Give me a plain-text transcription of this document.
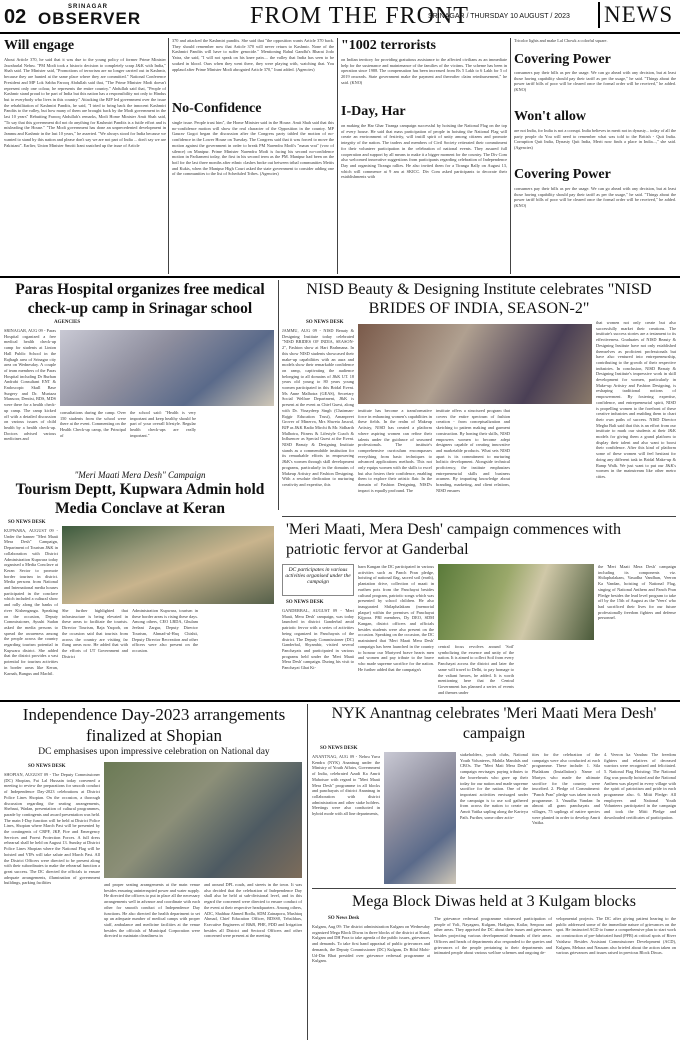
02	SRINAGAR
OBSERVER	FROM THE FRONT
SRINAGAR / THURSDAY 10 AUGUST / 2023 NEWS
Will engage
About Article 370, he said that it was due to the young policy of former Prime Minister Jawaharlal Nehru. "PM Modi took a historic decision to completely scrap J&K with India," Shah said. The Minister said, "Promotions of terrorism are no longer carried out in Kashmir, because they are hunted at the same place where they are committed." National Conference President and MP Lok Sabha Farooq Abdullah said that, "The Prime Minister Modi doesn't represent only one colour, he represents the entire country." Abdullah said that, "People of Kashmir stand proud to be part of India but this nation has a responsibility not only to Hindus but to everybody who lives in this country." Attacking the BJP led government over the issue the rehabilitation of Kashmiri Pandits, he said, "I tried to bring back the innocent Kashmiri Pandits to the valley, but how many of them are brought back by the Modi government in the last 10 years" Rebutting Farooq Abdullah's remarks, Modi Home Minister Amit Shah said, "To say that this government did not do anything for Kashmiri Pandits is a futile effort and is misleading the House." "The Modi government has done an unprecedented development in Jammu and Kashmir in the last 10 years," he asserted. "We always stood for India because we wanted to stand by this nation and please don't say we are not part of India ... don't say we are Pakistani". Earlier, Union Minister Smriti Irani snatched up the issue of Article
370 and attacked the Kashmiri pundits. She said that "the opposition wants Article 370 back. They should remember now that Article 370 will never return to Kashmir. None of the Kashmiri Pandits will have to suffer genocide." Mentioning Rahul Gandhi's Bharat Jodo Yatra, she said, "I will not speak on his knee pain.... the valley that India has seen to be soaked in blood. Ours when they went there, they were playing with, watching that. You applaud after Prime Minister Modi abrogated Article 370," Irani added. (Agencies)
No-Confidence
single issue. People trust him", the Home Minister said in the House. Amit Shah said that this no-confidence motion will show the real character of the Opposition in the country. MP Gaurav Gogoi began the discussion after the Congress party tabled the motion of no-confidence in the Lower House on Tuesday. The Congress said that it was forced to move the motion against the government in order to break PM Narendra Modi's "maun vrat" (vow of silence) on Manipur. Prime Minister Narendra Modi is facing his second no-confidence motion in Parliament today, the first in his second term as the PM. Manipur had been on the boil for the last three months after ethnic clashes broke out between tribal communities Meitis and Kukis, when the Manipur High Court asked the state government to consider adding one of the communities to the list of Scheduled Tribes. (Agencies)
"1002 terrorists
on Indian territory for providing gratuitous assistance to the affected civilians as an immediate help for the sustenance and maintenance of the families of the victims. The scheme has been in operation since 1988. The compensation has been increased from Rs 5 Lakh to 6 Lakh for 5 of 2019 onwards. State government make the payment and thereafter claim reimbursement," he said. (KNO)
I-Day, Har
on making the Har Ghar Tiranga campaign successful by hoisting the National Flag on the top of every house. He said that mass participation of people in hoisting the National Flag will create an environment of festivity, will instill spirit of unity among citizens and promote integrity of the nation. The traders and members of Civil Society reiterated their commitment for their volunteer participation in the celebration of national events. They assured full cooperation and support by all means to make it a bigger moment for the country. The Div Com also welcomed innovative suggestions from participants regarding celebration of Independence Day and organising Tiranga rallies. He also invited them for a Tiranga Rally on August 13, which will commence at 9 am at SKICC. Div Com asked participants to decorate their establishments with
Tricolor lights and make Lal Chowk a colorful square.
Covering Power
consumers pay their bills as per the usage. We can go ahead with any decision, but at least those having capability should pay their tariff as per the usage," he said. "Things about the power tariff bills of poor will be cleared once the formal order will be received," he added. (KNO)
Won't allow
are not India, for India is not a corrupt. India believes in merit not in dynasty... today of all the party people do You will need to remember what was told to the British - Quit India. Corruption Quit India, Dynasty Quit India, Merit now finds a place in India...," she said. (Agencies)
Covering Power
consumers pay their bills as per the usage. We can go ahead with any decision, but at least those having capability should pay their tariff as per the usage," he said. "Things about the power tariff bills of poor will be cleared once the formal order will be received," he added. (KNO)
Paras Hospital organizes free medical check-up camp in Srinagar school
AGENCIES
SRINAGAR, AUG 09 - Paras Hospital organized a free medical health check-up camp for students at Linton Hall Public School in the Rajbagh area of Srinagar city area on Wednesday. A couple of team members of the Paras Hospital including Dr Burhan Andrabi Consultant ENT & Endoscopic Skull Base Surgery and Dr. Murtaza Mansoor, Dentist, BDS, MDS were there for a health check-up camp. The camp kicked off with a detailed discussion on various issues of child health by a health check-up. Doctors advised various medicines and
consultations during the camp. Over 150 students from the school were there at the event. Commenting on the Health Check-up camp, the Principal of
the school said: "Health is very important and keep healthy should be part of your overall lifestyle. Regular health check-ups are really important."
NISD Beauty & Designing Institute celebrates "NISD BRIDES OF INDIA, SEASON-2"
SO NEWS DESK
JAMMU, AUG 09 - NISD Beauty & Designing Institute today celebrated "NISD BRIDES OF INDIA, SEASON-2", Fashion show at Hari Brahmana. In this show NISD students showcased their make-up capabilities with an aura and models show their remarkable confidence on ramp, captivating the audience belonging to all domains of J&K UT. 18 years old young to 80 years young women participated in this Bridal Event. Ms Anne Malhotra (GEAS), Secretary Social Welfare Department, J&K is present at the event as Chief Guest, along with Dr. Vinaydeep Singh (Chairman-Rajgir Education Trust), Amanpreet Grover of Minerva, Mrs Shweta Jaswal, BJP as J&K Radio Mirchi & Mr. Sidharth Malhotra, Fitness & Lifestyle Coach & Influencer as Special Guest at the Event. NISD Beauty & Designing Institute stands as a commendable institution for its remarkable efforts in empowering J&K's women through skill development programs, particularly in the domains of Makeup Artistry and Fashion Designing. With a resolute dedication to nurturing creativity and expertise, this
institute has become a transformative force in enhancing women's capabilities in these fields. In the realm of Makeup Artistry, NISD has created a platform where aspiring women can refine their talents under the guidance of seasoned professionals. The institute's comprehensive curriculum encompasses everything from basic techniques to advanced applications methods. This not only equips women with the skills to excel but also fosters their confidence, enabling them to explore their artistic flair. In the domain of Fashion Designing, NISD's impact is equally profound. The
institute offers a structured program that covers the entire spectrum of fashion creation - from conceptualization and sketching to pattern making and garment construction. By honing their skills, NISD empowers women to become adept designers capable of creating innovative and marketable products. What sets NISD apart is its commitment to nurturing holistic development. Alongside technical proficiency, the institute emphasizes entrepreneurial skills and business acumen. By imparting knowledge about branding, marketing, and client relations, NISD ensures
that women not only create but also successfully market their creations. The institute's success stories are a testament to its effectiveness. Graduates of NISD Beauty & Designing Institute have not only established themselves as proficient professionals but have also ventured into entrepreneurship, contributing to the growth of their respective industries. In conclusion, NISD Beauty & Designing Institute's impressive work in skill development for women, particularly in Make-up Artistry and Fashion Designing, is reshaping traditional notions of empowerment. By fostering expertise, confidence, and entrepreneurial spirit, NISD is propelling women to the forefront of these creative industries and enabling them to chart their own paths of success. NISD Director Megha Bali said that this is an effort from our institute to mark our students at their J&K models for giving them a grand platform to display their talent and also want to boost their confidence. After this kind of platform some of these women will feel hesitant for doing any different task in Bridal Make-up & Ramp Walk. We just want to put our J&K's women in the mainstream like other metro cities.
"Meri Maati Mera Desh" Campaign
Tourism Deptt, Kupwara Admin hold Media Conclave at Keran
SO NEWS DESK
KUPWARA, AUGUST 09 - Under the banner "Meri Maati Mera Desh" Campaign, Department of Tourism J&K in collaboration with District Administration Kupwara today organised a Media Conclave at Keran Sector to promote border tourism in district. Media persons from National and International media houses participated in the conclave which included a cultural show and rally along the banks of river Kishenganga. Speaking on the occasion, Deputy Commissioner, Ayushi Sudan asked the media persons to spread the awareness among the people across the country regarding tourism potential in Kupwara district. She added that the district provides a vast potential for tourism activities in border areas like Keran, Karnah, Bungus and Machil.
She further highlighted that infrastructure is being elevated in these areas to facilitate the tourists. Director Tourism, Raja Yaqoob, on the occasion said that tourists from across the country are visiting far flung areas now. He added that with the efforts of UT Government and District
Administration Kupwara, tourism in these border areas is rising these days. Among others, CEO LBDA, Ghulam Jeelani Zargar, Deputy Director Tourism, Ahmad-ul-Haq Chishti, Deputy Director Recreation and other officers were also present on the occasion.
'Meri Maati, Mera Desh' campaign commences with patriotic fervor at Ganderbal
DC participates in various activities organised under the campaign
SO NEWS DESK
GANDERBAL, AUGUST 09 - 'Meri Maati, Mera Desh' campaign, was today launched in district Ganderbal amid patriotic fervor with a series of activities being organized in Panchayats of the district. The Deputy Commissioner (DC) Ganderbal, Shyambir, visited several Panchayats and participated in various programs held under the 'Meri Maati Mera Desh' campaign. During his visit to Panchayat Ghat Ki-
barn Kangan the DC participated in various activities such as Panch Pran pledge, hoisting of national flag, sacred soil (earth), plantation drive, collection of maati in earthen pots from the Panchayat besides cultural program, patriotic songs which was presented by school children. He also inaugurated Shilaphalakam (memorial plaque) within the premises of Panchayat Kijpora. PRI members, Dy DEO, SDM Kangan, district officers and officials besides students were also present on the occasion. Speaking on the occasion, the DC maintained that 'Meri Maati Mera Desh' campaign has been launched in the country to honour our Martyred brave hearts men and women and pay tribute to the brave who made supreme sacrifice for the nation. He further added that the campaign's
central focus revolves around 'Soil' symbolizing the essence and unity of the nation. It is aimed to collect Soil from every Panchayat across the district and later the same will travel to Delhi, to pay homage to the valiant heroes, he added. It is worth mentioning here that the Central Government has planned a series of events and themes under
the 'Meri Maati Mera Desh' campaign including its components viz. Shilaphalakam, Vasudha Vandhan, Veeron Ka Vandan, hoisting of National Flag, singing of National Anthem and Panch Pran Pledge besides the lead level program to take off by the 15th of August as the 'Veers' who had sacrificed their lives for our future professionally freedom fighters and defense personnel.
Independence Day-2023 arrangements finalized at Shopian
DC emphasises upon impressive celebration on National day
SO NEWS DESK
SHOPIAN, AUGUST 09 - The Deputy Commissioner (DC) Shopian, Fai Lal Hussain today convened a meeting to review the preparations for smooth conduct of Independence Day-2023 celebrations at District Police Lines Shopian. On the occasion, a thorough discussion regarding the seating arrangements, Shehnai, Wadan, presentation of cultural programmes, parade by contingents and award presentation was held. The main I-Day function will be held at District Police Lines, Shopian where March Past will be presented by the contingents of CRPF, JKP, Fire and Emergency Services and Forest Protection Forces. A full dress rehearsal shall be held on August 13. Sunday at District Police Lines Shopian where the National Flag will be hoisted and VIPs will take salute and March Past. All the District Officers were directed to be present along with their subordinates to make the rehearsal function a great success. The DC directed the officials to ensure adequate arrangements, illumination of government buildings, parking facilities	and proper seating arrangements at the main venue besides ensuring uninterrupted power and water supply. He directed the officers to put in place all the necessary arrangements well in advance and coordinate with each other for smooth conduct of Independence Day functions. He also directed the health department to set up an adequate number of medical camps with proper staff, ambulance and medicine facilities at the venue besides the officials of Municipal Corporation were directed to maintain cleanliness in
and around DPL roads, and streets in the town. It was also decided that the celebration of Independence Day shall also be held at sub-divisional level, and in this regard the concerned were directed to ensure conduct of the event at their respective headquarters. Among others, ADC, Shahbaz Ahmed Bodla, SDM Zainapora, Mushtaq Ahmad, Chief Education Officer, BDSS0, Tehsildars, Executive Engineers of R&B, PHE, PDD and Irrigation besides all District and Sectoral Officers and other concerned were present at the meeting.
NYK Anantnag celebrates 'Meri Maati Mera Desh' campaign
SO NEWS DESK
ANANTNAG, AUG 09 - Nehru Yuva Kendra (NYK) Anantnag under the Ministry of Youth Affairs, Government of India, celebrated Azadi Ka Amrit Mahotsav with regard to "Meri Maati Mera Desh" programme in all blocks and panchayats of district Anantnag in collaboration with district administration and other stake holders. Meetings were also conducted in hybrid mode with all line departments,
stakeholders, youth clubs, National Youth Volunteers, Mahila Mandals and CBOs. The "Meri Mati Mera Desh" campaign envisages paying tributes to the bravehearts who gave up their today for our nation and made supreme sacrifice for the nation. One of the important activities envisaged under the campaign is to use soil gathered from across the nation to create an Amrit Vatika sapling along the Kartvya Path. Further, some other activ-
ities for the celebration of the campaign were also conducted at each programme. These include: 1. Sila Phalakam (Installation): Name of Martyrs who made the ultimate sacrifice for the country were inscribed. 2. Pledge of Commitment: "Panch Pran" pledge was taken in each programme. 3. Vasudha Vandan: In almost all gram panchayats and villages, 75 saplings of native species were planted in order to develop Amrit Vatika.
4. Veeron ka Vandan: The freedom fighters and relatives of deceased warriors were recognized and felicitated. 5. National Flag Hoisting: The National flag was proudly hoisted and the National Anthem was played in every village with the spirit of patriotism and pride in each programme also. 6. Mitti Pledge: All employees and National Youth Volunteers participated in the campaign and took the Mitti Pledge and downloaded certificates of participation.
Mega Block Diwas held at 3 Kulgam blocks
SO News Desk
Kulgam, Aug 09: The district administration Kulgam on Wednesday organized Mega Block Diwas in three blocks of the district at Kund, Kulgam and DH Pora to take agenda of the public issues, grievances and demands. To take first hand appraisal of public grievances and demands, the Deputy Commissioner (DC) Kulgam, Dr Bilal Mohi-Ud-Din Bhat presided over grievance redressal programme at Kulgam.
The grievance redressal programme witnessed participation of people of Yoli, Nayagam, Kulgam, Hadigam, Kailar, Senpora and other areas. They apprised the DC about their issues and grievances besides projecting various developmental demands of their areas. Officers and heads of departments also responded to the queries and grievances of the people pertaining to their departments and intimated people about various welfare schemes and ongoing de-
velopmental projects. The DC after giving patient hearing to the public addressed some of the immediate nature of grievances on the spot. He instructed ACD to frame a comprehensive plan to start work on construction of pre-fabricated fund (PFR) at critical spots of River Vaishaw. Besides Assistant Commissioner Development (ACD), Kulgam, Mehara and Nausam also briefed about the action taken on various grievances and issues raised in previous Block Diwas.
